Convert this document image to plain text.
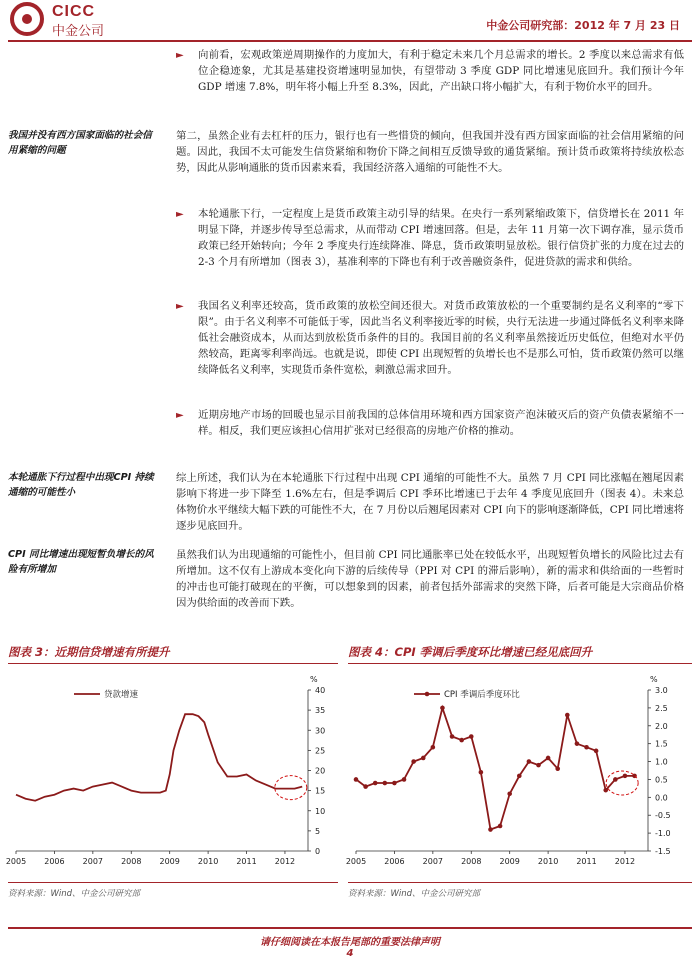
CICC
中金公司	中金公司研究部：2012 年 7 月 23 日
► 向前看，宏观政策逆周期操作的力度加大，有利于稳定未来几个月总需求的增长。2 季度以来总需求有低位企稳迹象，尤其是基建投资增速明显加快，有望带动 3 季度 GDP 同比增速见底回升。我们预计今年 GDP 增速 7.8%，明年将小幅上升至 8.3%，因此，产出缺口将小幅扩大，有利于物价水平的回升。

我国并没有西方国家面临的社会信用紧缩的问题

第二，虽然企业有去杠杆的压力，银行也有一些惜贷的倾向，但我国并没有西方国家面临的社会信用紧缩的问题。因此，我国不太可能发生信贷紧缩和物价下降之间相互反馈导致的通货紧缩。预计货币政策将持续放松态势，因此从影响通胀的货币因素来看，我国经济落入通缩的可能性不大。

► 本轮通胀下行，一定程度上是货币政策主动引导的结果。在央行一系列紧缩政策下，信贷增长在 2011 年明显下降，并逐步传导至总需求，从而带动 CPI 增速回落。但是，去年 11 月第一次下调存准，显示货币政策已经开始转向；今年 2 季度央行连续降准、降息，货币政策明显放松。银行信贷扩张的力度在过去的 2-3 个月有所增加（图表 3），基准利率的下降也有利于改善融资条件，促进贷款的需求和供给。

► 我国名义利率还较高，货币政策的放松空间还很大。对货币政策放松的一个重要制约是名义利率的“零下限”。由于名义利率不可能低于零，因此当名义利率接近零的时候，央行无法进一步通过降低名义利率来降低社会融资成本，从而达到放松货币条件的目的。我国目前的名义利率虽然接近历史低位，但绝对水平仍然较高，距离零利率尚远。也就是说，即使 CPI 出现短暂的负增长也不是那么可怕，货币政策仍然可以继续降低名义利率，实现货币条件宽松，刺激总需求回升。

► 近期房地产市场的回暖也显示目前我国的总体信用环境和西方国家资产泡沫破灭后的资产负债表紧缩不一样。相反，我们更应该担心信用扩张对已经很高的房地产价格的推动。

本轮通胀下行过程中出现CPI 持续通缩的可能性小

综上所述，我们认为在本轮通胀下行过程中出现 CPI 通缩的可能性不大。虽然 7 月 CPI 同比涨幅在翘尾因素影响下将进一步下降至 1.6%左右，但是季调后 CPI 季环比增速已于去年 4 季度见底回升（图表 4）。未来总体物价水平继续大幅下跌的可能性不大，在 7 月份以后翘尾因素对 CPI 向下的影响逐渐降低，CPI 同比增速将逐步见底回升。

CPI 同比增速出现短暂负增长的风险有所增加

虽然我们认为出现通缩的可能性小，但目前 CPI 同比通胀率已处在较低水平，出现短暂负增长的风险比过去有所增加。这不仅有上游成本变化向下游的后续传导（PPI 对 CPI 的滞后影响），新的需求和供给面的一些暂时的冲击也可能打破现在的平衡，可以想象到的因素，前者包括外部需求的突然下降，后者可能是大宗商品价格因为供给面的改善而下跌。

图表 3：近期信贷增速有所提升
0
5
10
15
20
25
30
35
40
%
2005 2006 2007 2008 2009 2010 2011 2012
贷款增速
资料来源：Wind、中金公司研究部
图表 4：CPI 季调后季度环比增速已经见底回升
-1.5
-1.0
-0.5
0.0
0.5
1.0
1.5
2.0
2.5
3.0
%
2005 2006 2007 2008 2009 2010 2011 2012
CPI 季调后季度环比
资料来源：Wind、中金公司研究部
请仔细阅读在本报告尾部的重要法律声明
4
